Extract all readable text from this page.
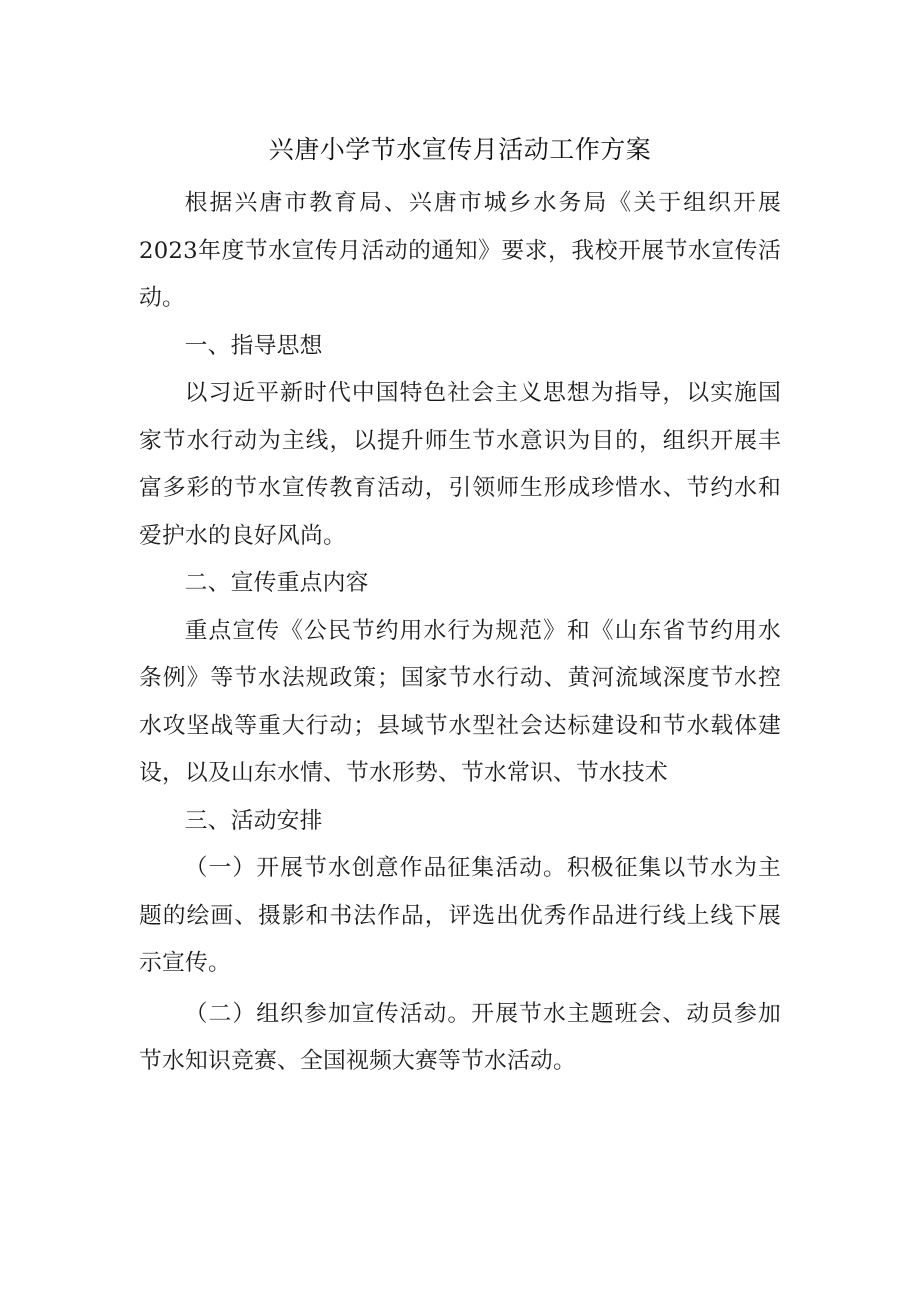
兴唐小学节水宣传月活动工作方案

根据兴唐市教育局、兴唐市城乡水务局《关于组织开展2023年度节水宣传月活动的通知》要求，我校开展节水宣传活动。

一、指导思想

以习近平新时代中国特色社会主义思想为指导，以实施国家节水行动为主线，以提升师生节水意识为目的，组织开展丰富多彩的节水宣传教育活动，引领师生形成珍惜水、节约水和爱护水的良好风尚。

二、宣传重点内容

重点宣传《公民节约用水行为规范》和《山东省节约用水条例》等节水法规政策；国家节水行动、黄河流域深度节水控水攻坚战等重大行动；县域节水型社会达标建设和节水载体建设，以及山东水情、节水形势、节水常识、节水技术

三、活动安排

（一）开展节水创意作品征集活动。积极征集以节水为主题的绘画、摄影和书法作品，评选出优秀作品进行线上线下展示宣传。

（二）组织参加宣传活动。开展节水主题班会、动员参加节水知识竞赛、全国视频大赛等节水活动。
